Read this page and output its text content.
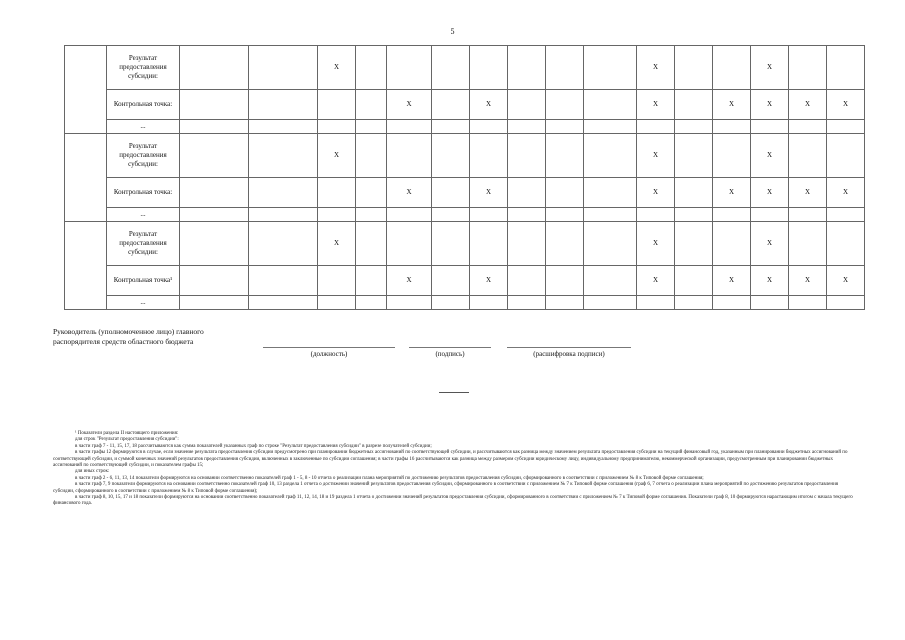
5
	Результат предоставления субсидии:			X								X			X		
	Контрольная точка:					X		X				X		X	X	X	X
	...																
	Результат предоставления субсидии:			X								X			X		
	Контрольная точка:					X		X				X		X	X	X	X
	...																
	Результат предоставления субсидии:			X								X			X		
	Контрольная точка¹					X		X				X		X	X	X	X
	...																
Руководитель (уполномоченное лицо) главного
распорядителя средств областного бюджета
(должность)	(подпись)	(расшифровка подписи)

¹ Показатели раздела II настоящего приложения:

для строк "Результат предоставления субсидии":

в части граф 7 - 11, 15, 17, 18 рассчитываются как сумма показателей указанных граф по строке "Результат предоставления субсидии" в разрезе получателей субсидии;

в части графы 12 формируются в случае, если значение результата предоставления субсидии предусмотрено при планировании бюджетных ассигнований по соответствующей субсидии, и рассчитываются как разница между значением результата предоставления субсидии на текущий финансовый год, указанным при планировании бюджетных ассигнований по соответствующей субсидии, и суммой конечных значений результатов предоставления субсидии, включенных в заключенные по субсидии соглашения; в части графы 16 рассчитываются как разница между размером субсидии юридическому лицу, индивидуальному предпринимателю, некоммерческой организации, предусмотренным при планировании бюджетных ассигнований по соответствующей субсидии, и показателем графы 15;

для иных строк:

в части граф 2 - 6, 11, 13, 14 показатели формируются на основании соответственно показателей граф 1 - 5, 8 - 10 отчета о реализации плана мероприятий по достижению результатов предоставления субсидии, сформированного в соответствии с приложением № 8 к Типовой форме соглашения;

в части граф 7, 9 показатели формируются на основании соответственно показателей граф 10, 13 раздела 1 отчета о достижении значений результатов предоставления субсидии, сформированного в соответствии с приложением № 7 к Типовой форме соглашения (граф 6, 7 отчета о реализации плана мероприятий по достижению результатов предоставления субсидии, сформированного в соответствии с приложением № 8 к Типовой форме соглашения);

в части граф 8, 10, 15, 17 и 18 показатели формируются на основании соответственно показателей граф 11, 12, 14, 18 и 19 раздела 1 отчета о достижении значений результатов предоставления субсидии, сформированного в соответствии с приложением № 7 к Типовой форме соглашения. Показатели граф 8, 10 формируются нарастающим итогом с начала текущего финансового года.
